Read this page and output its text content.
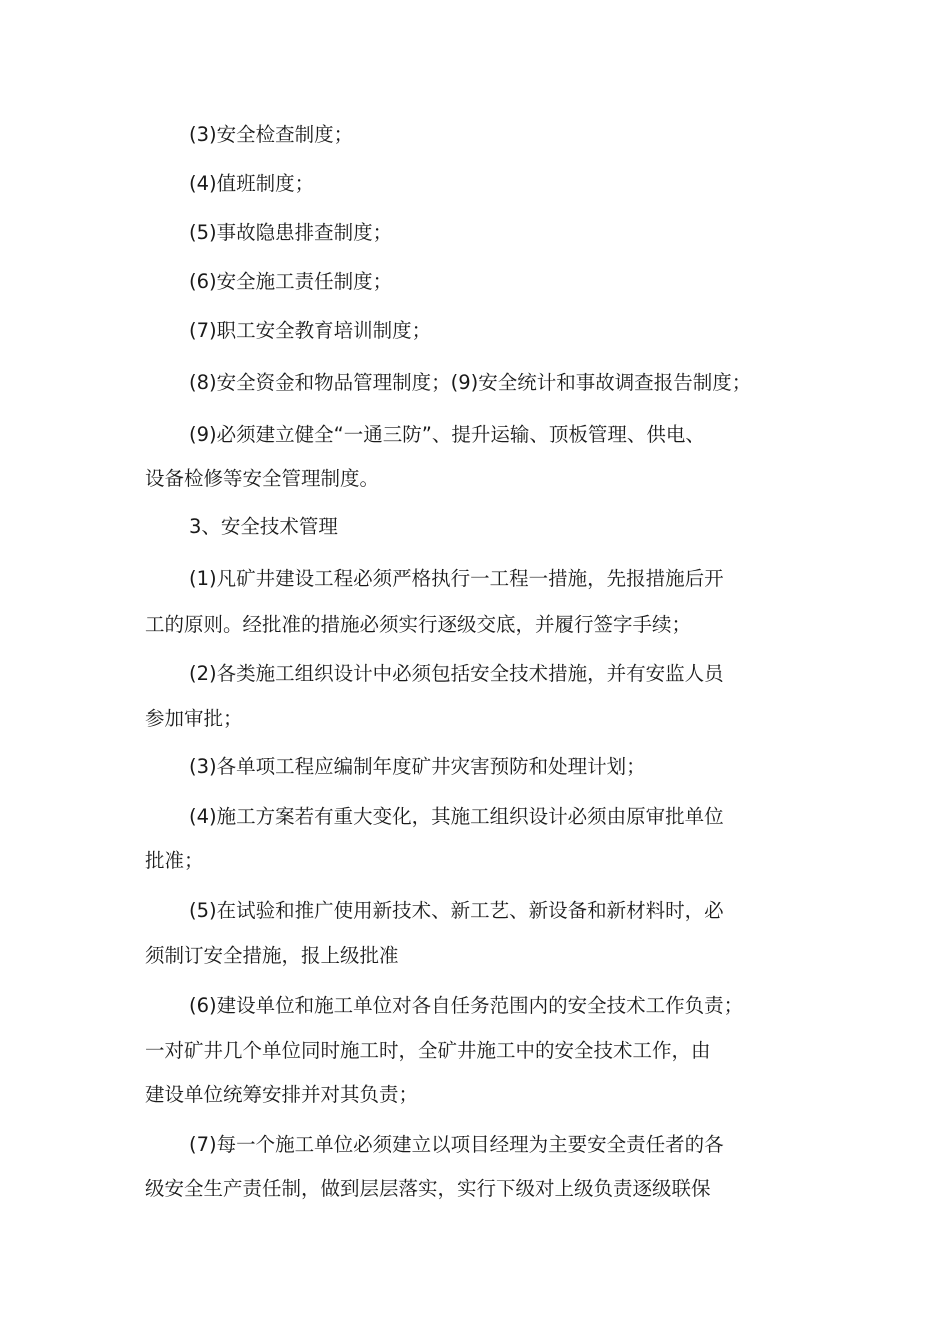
(3)安全检查制度；
(4)值班制度；
(5)事故隐患排查制度；
(6)安全施工责任制度；
(7)职工安全教育培训制度；
(8)安全资金和物品管理制度；(9)安全统计和事故调查报告制度；
(9)必须建立健全“一通三防”、提升运输、顶板管理、供电、
设备检修等安全管理制度。
3、安全技术管理
(1)凡矿井建设工程必须严格执行一工程一措施，先报措施后开
工的原则。经批准的措施必须实行逐级交底，并履行签字手续；
(2)各类施工组织设计中必须包括安全技术措施，并有安监人员
参加审批；
(3)各单项工程应编制年度矿井灾害预防和处理计划；
(4)施工方案若有重大变化，其施工组织设计必须由原审批单位
批准；
(5)在试验和推广使用新技术、新工艺、新设备和新材料时，必
须制订安全措施，报上级批准
(6)建设单位和施工单位对各自任务范围内的安全技术工作负责；
一对矿井几个单位同时施工时，全矿井施工中的安全技术工作，由
建设单位统筹安排并对其负责；
(7)每一个施工单位必须建立以项目经理为主要安全责任者的各
级安全生产责任制，做到层层落实，实行下级对上级负责逐级联保
